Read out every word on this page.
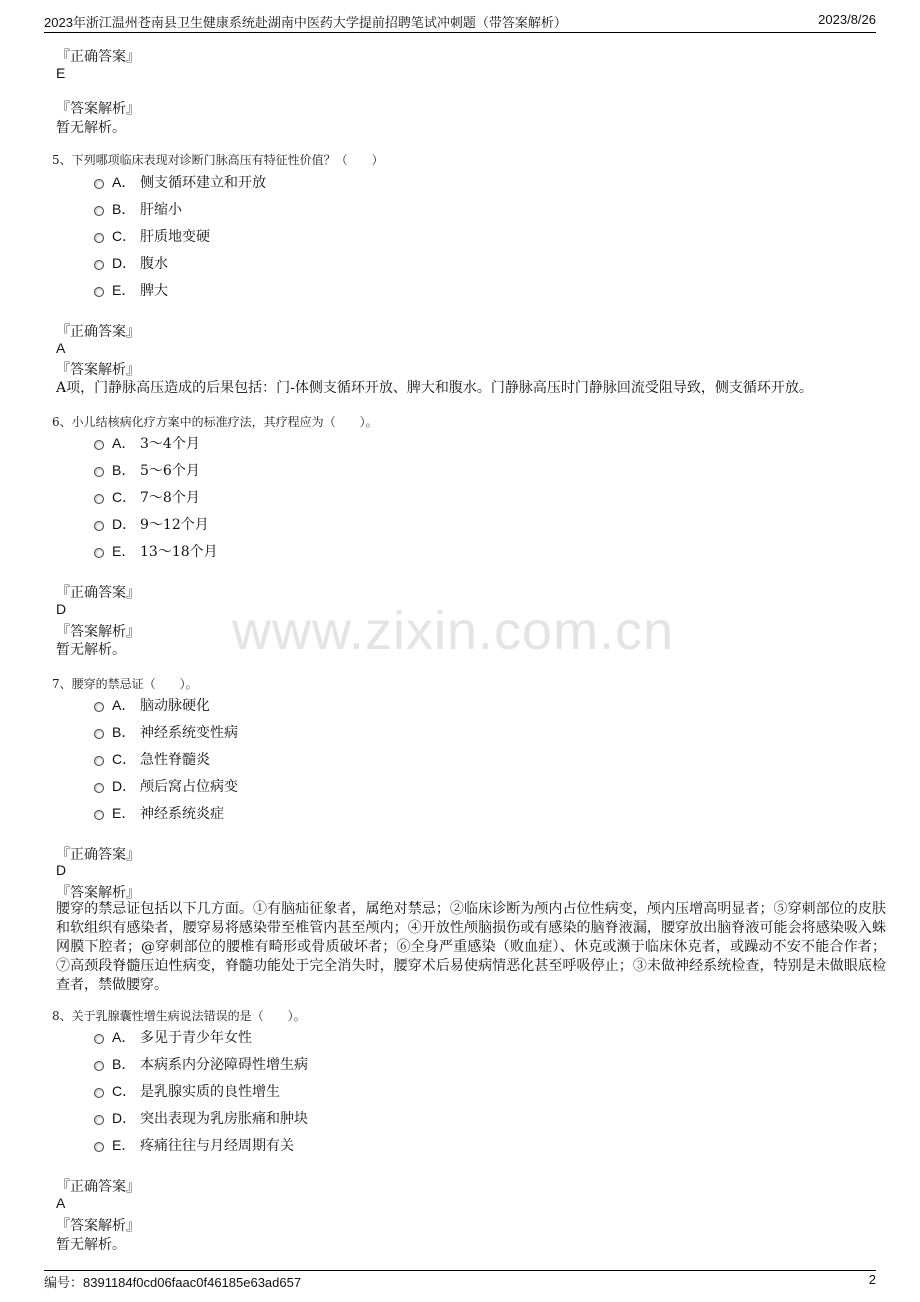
2023年浙江温州苍南县卫生健康系统赴湖南中医药大学提前招聘笔试冲刺题（带答案解析）	2023/8/26
www.zixin.com.cn
『正确答案』
E
『答案解析』
暂无解析。
5、下列哪项临床表现对诊断门脉高压有特征性价值？（　　）
A． 侧支循环建立和开放
B． 肝缩小
C． 肝质地变硬
D． 腹水
E． 脾大
『正确答案』
A
『答案解析』
A项，门静脉高压造成的后果包括：门-体侧支循环开放、脾大和腹水。门静脉高压时门静脉回流受阻导致，侧支循环开放。
6、小儿结核病化疗方案中的标准疗法，其疗程应为（　　）。
A． 3～4个月
B． 5～6个月
C． 7～8个月
D． 9～12个月
E． 13～18个月
『正确答案』
D
『答案解析』
暂无解析。
7、腰穿的禁忌证（　　）。
A． 脑动脉硬化
B． 神经系统变性病
C． 急性脊髓炎
D． 颅后窝占位病变
E． 神经系统炎症
『正确答案』
D
『答案解析』
腰穿的禁忌证包括以下几方面。①有脑疝征象者，属绝对禁忌；②临床诊断为颅内占位性病变，颅内压增高明显者；⑤穿刺部位的皮肤和软组织有感染者，腰穿易将感染带至椎管内甚至颅内；④开放性颅脑损伤或有感染的脑脊液漏，腰穿放出脑脊液可能会将感染吸入蛛网膜下腔者；@穿刺部位的腰椎有畸形或骨质破坏者；⑥全身严重感染（败血症）、休克或濒于临床休克者，或躁动不安不能合作者；⑦高颈段脊髓压迫性病变，脊髓功能处于完全消失时，腰穿术后易使病情恶化甚至呼吸停止；③未做神经系统检查，特别是未做眼底检查者，禁做腰穿。
8、关于乳腺囊性增生病说法错误的是（　　）。
A． 多见于青少年女性
B． 本病系内分泌障碍性增生病
C． 是乳腺实质的良性增生
D． 突出表现为乳房胀痛和肿块
E． 疼痛往往与月经周期有关
『正确答案』
A
『答案解析』
暂无解析。
编号：8391184f0cd06faac0f46185e63ad657	2
